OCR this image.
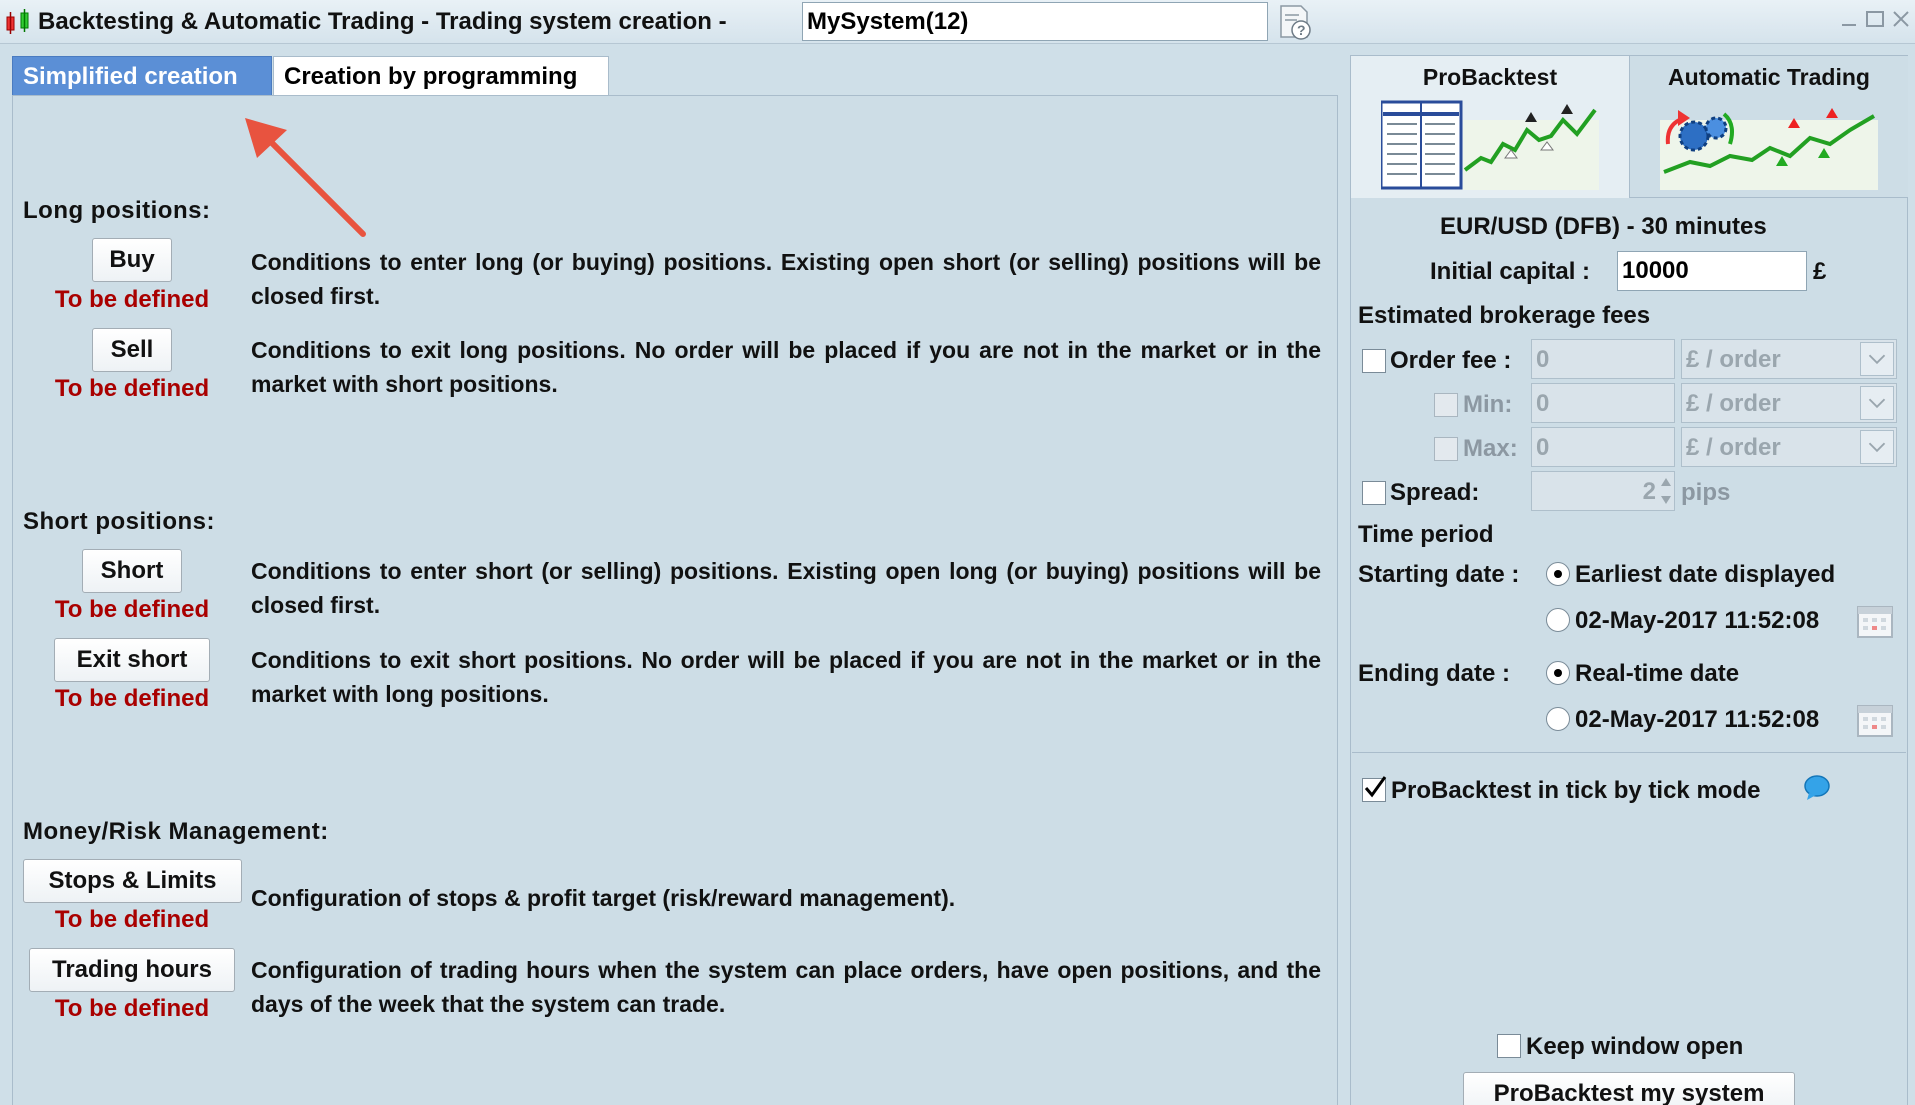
Backtesting & Automatic Trading - Trading system creation -
MySystem(12)	?
Simplified creation	Creation by programming
Long positions:
Buy
To be defined
Conditions to enter long (or buying) positions. Existing open short (or selling) positions will be closed first.
Sell
To be defined
Conditions to exit long positions. No order will be placed if you are not in the market or in the market with short positions.
Short positions:
Short
To be defined
Conditions to enter short (or selling) positions. Existing open long (or buying) positions will be closed first.
Exit short
To be defined
Conditions to exit short positions. No order will be placed if you are not in the market or in the market with long positions.
Money/Risk Management:
Stops & Limits
To be defined
Configuration of stops & profit target (risk/reward management).
Trading hours
To be defined
Configuration of trading hours when the system can place orders, have open positions, and the days of the week that the system can trade.
ProBacktest	Automatic Trading
EUR/USD (DFB) - 30 minutes
Initial capital :
10000	£
Estimated brokerage fees
Order fee : 0	£ / order
Min: 0	£ / order
Max: 0	£ / order
Spread:	2	pips
Time period
Starting date : Earliest date displayed
02-May-2017 11:52:08
Ending date :	Real-time date
02-May-2017 11:52:08
ProBacktest in tick by tick mode
Keep window open
ProBacktest my system
